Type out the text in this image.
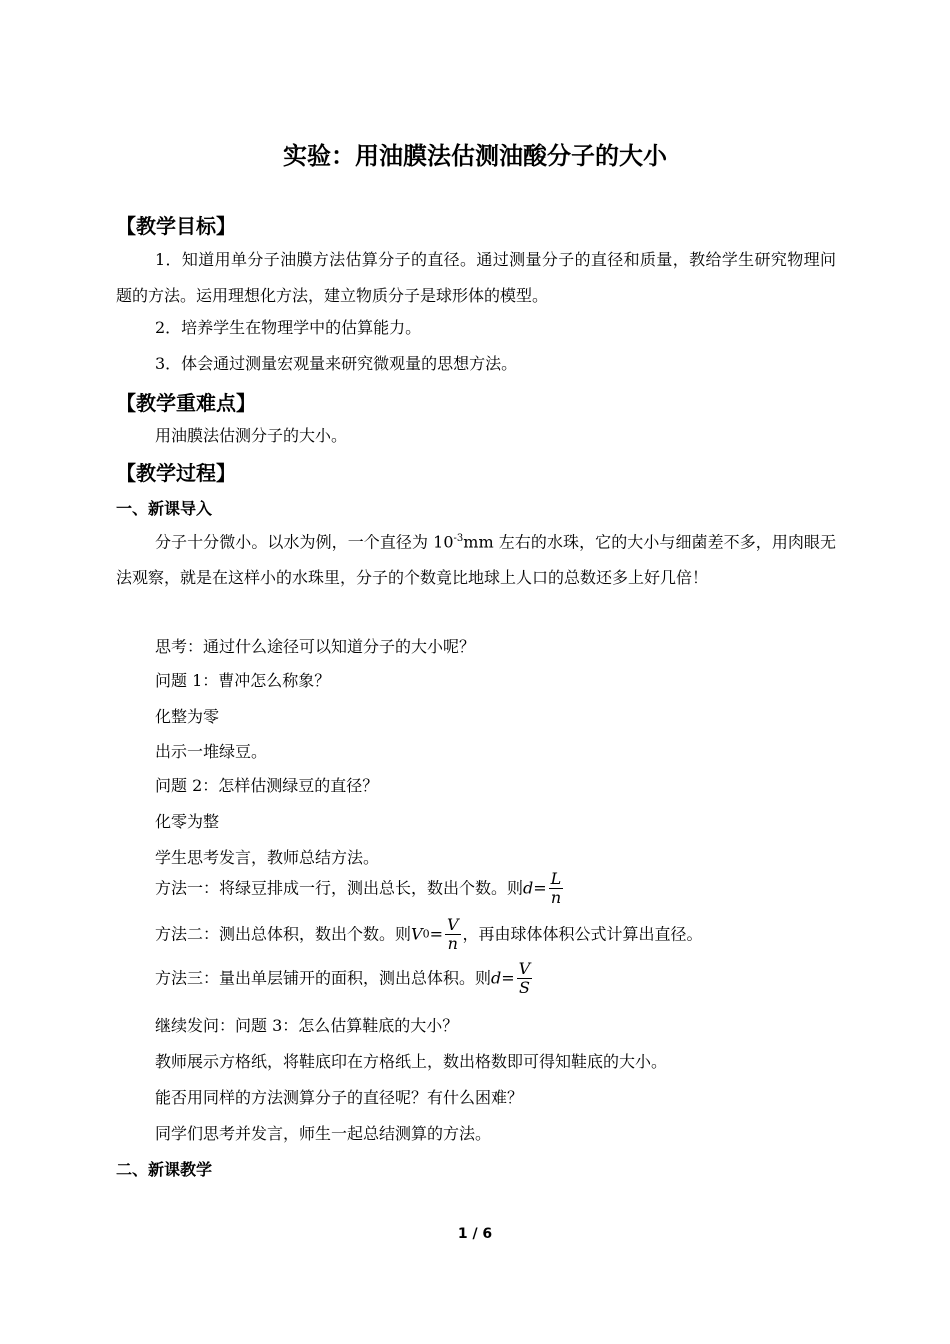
实验：用油膜法估测油酸分子的大小
【教学目标】
1．知道用单分子油膜方法估算分子的直径。通过测量分子的直径和质量，教给学生研究物理问题的方法。运用理想化方法，建立物质分子是球形体的模型。
2．培养学生在物理学中的估算能力。
3．体会通过测量宏观量来研究微观量的思想方法。
【教学重难点】
用油膜法估测分子的大小。
【教学过程】
一、新课导入
分子十分微小。以水为例，一个直径为 $10^{-3}mm$ 左右的水珠，它的大小与细菌差不多，用肉眼无法观察，就是在这样小的水珠里，分子的个数竟比地球上人口的总数还多上好几倍！
思考：通过什么途径可以知道分子的大小呢？
问题 1：曹冲怎么称象？
化整为零
出示一堆绿豆。
问题 2：怎样估测绿豆的直径？
化零为整
学生思考发言，教师总结方法。
方法一：将绿豆排成一行，测出总长，数出个数。则$d= \frac{L}{n}$
方法二：测出总体积，数出个数。则$V0= \frac{V}{n}$ ，再由球体体积公式计算出直径。
方法三：量出单层铺开的面积，测出总体积。则$d= \frac{V}{S}$
继续发问：问题 3：怎么估算鞋底的大小？
教师展示方格纸，将鞋底印在方格纸上，数出格数即可得知鞋底的大小。
能否用同样的方法测算分子的直径呢？有什么困难？
同学们思考并发言，师生一起总结测算的方法。
二、新课教学
1 / 6
